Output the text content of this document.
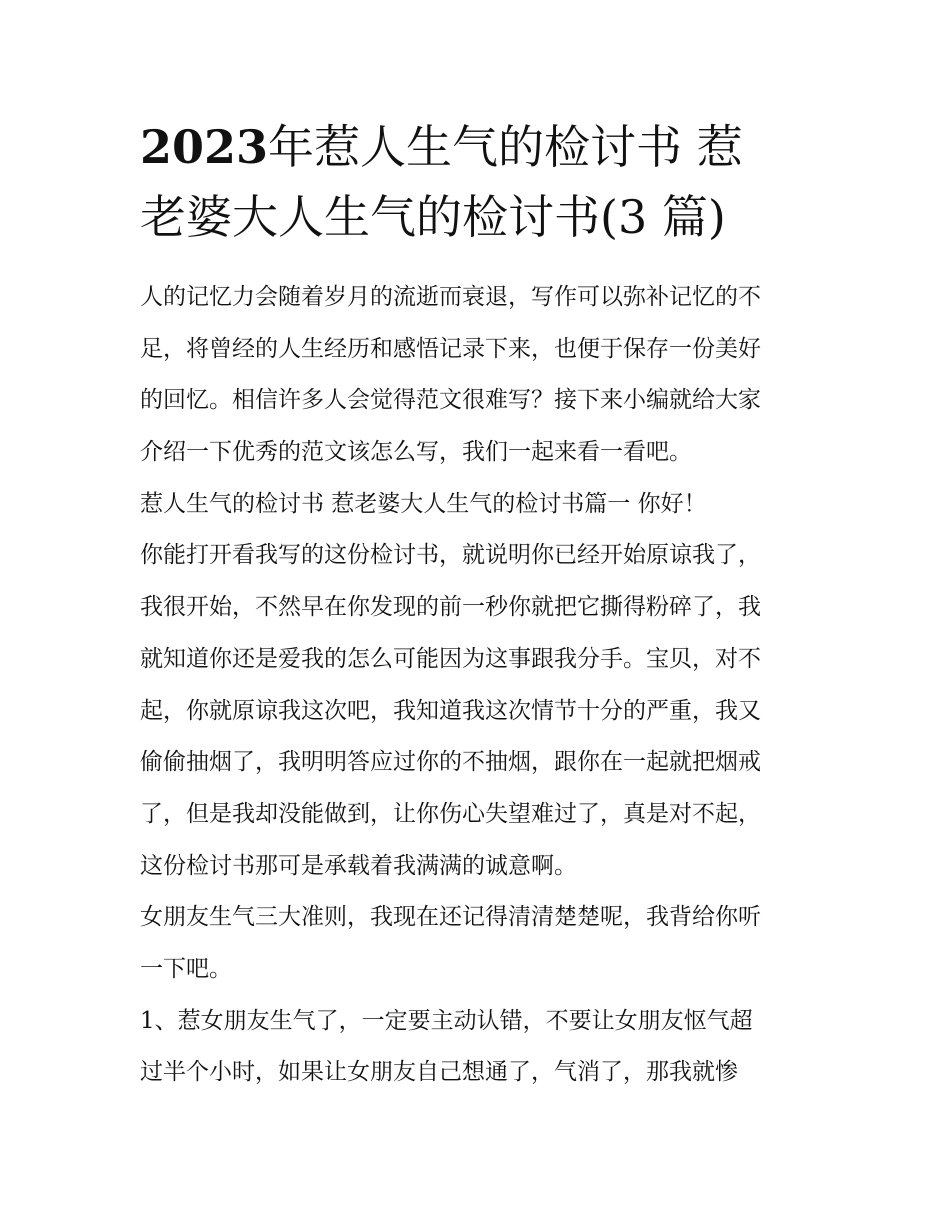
2023年惹人生气的检讨书 惹
老婆大人生气的检讨书(3 篇)
人的记忆力会随着岁月的流逝而衰退，写作可以弥补记忆的不
足，将曾经的人生经历和感悟记录下来，也便于保存一份美好
的回忆。相信许多人会觉得范文很难写？接下来小编就给大家
介绍一下优秀的范文该怎么写，我们一起来看一看吧。
惹人生气的检讨书 惹老婆大人生气的检讨书篇一 你好！
你能打开看我写的这份检讨书，就说明你已经开始原谅我了，
我很开始，不然早在你发现的前一秒你就把它撕得粉碎了，我
就知道你还是爱我的怎么可能因为这事跟我分手。宝贝，对不
起，你就原谅我这次吧，我知道我这次情节十分的严重，我又
偷偷抽烟了，我明明答应过你的不抽烟，跟你在一起就把烟戒
了，但是我却没能做到，让你伤心失望难过了，真是对不起，
这份检讨书那可是承载着我满满的诚意啊。
女朋友生气三大准则，我现在还记得清清楚楚呢，我背给你听
一下吧。
1、惹女朋友生气了，一定要主动认错，不要让女朋友怄气超
过半个小时，如果让女朋友自己想通了，气消了，那我就惨
